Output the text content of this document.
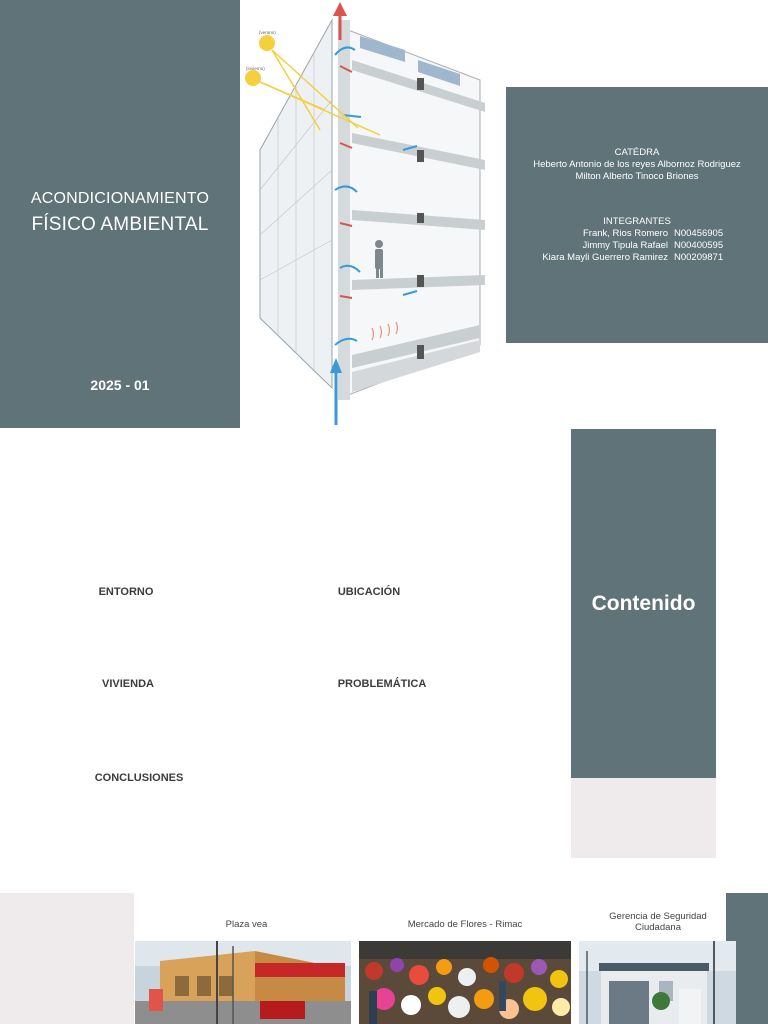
ACONDICIONAMIENTO
FÍSICO AMBIENTAL
2025 - 01
(verano)
(invierno)
CATÉDRA
Heberto Antonio de los reyes Albornoz Rodriguez
Milton Alberto Tinoco Briones
INTEGRANTES
Frank, Rios Romero N00456905
Jimmy Tipula Rafael N00400595
Kiara Mayli Guerrero Ramirez N00209871
ENTORNO	UBICACIÓN
VIVIENDA	PROBLEMÁTICA
CONCLUSIONES
Contenido
Plaza vea	Mercado de Flores - Rimac
Gerencia de Seguridad
Ciudadana
